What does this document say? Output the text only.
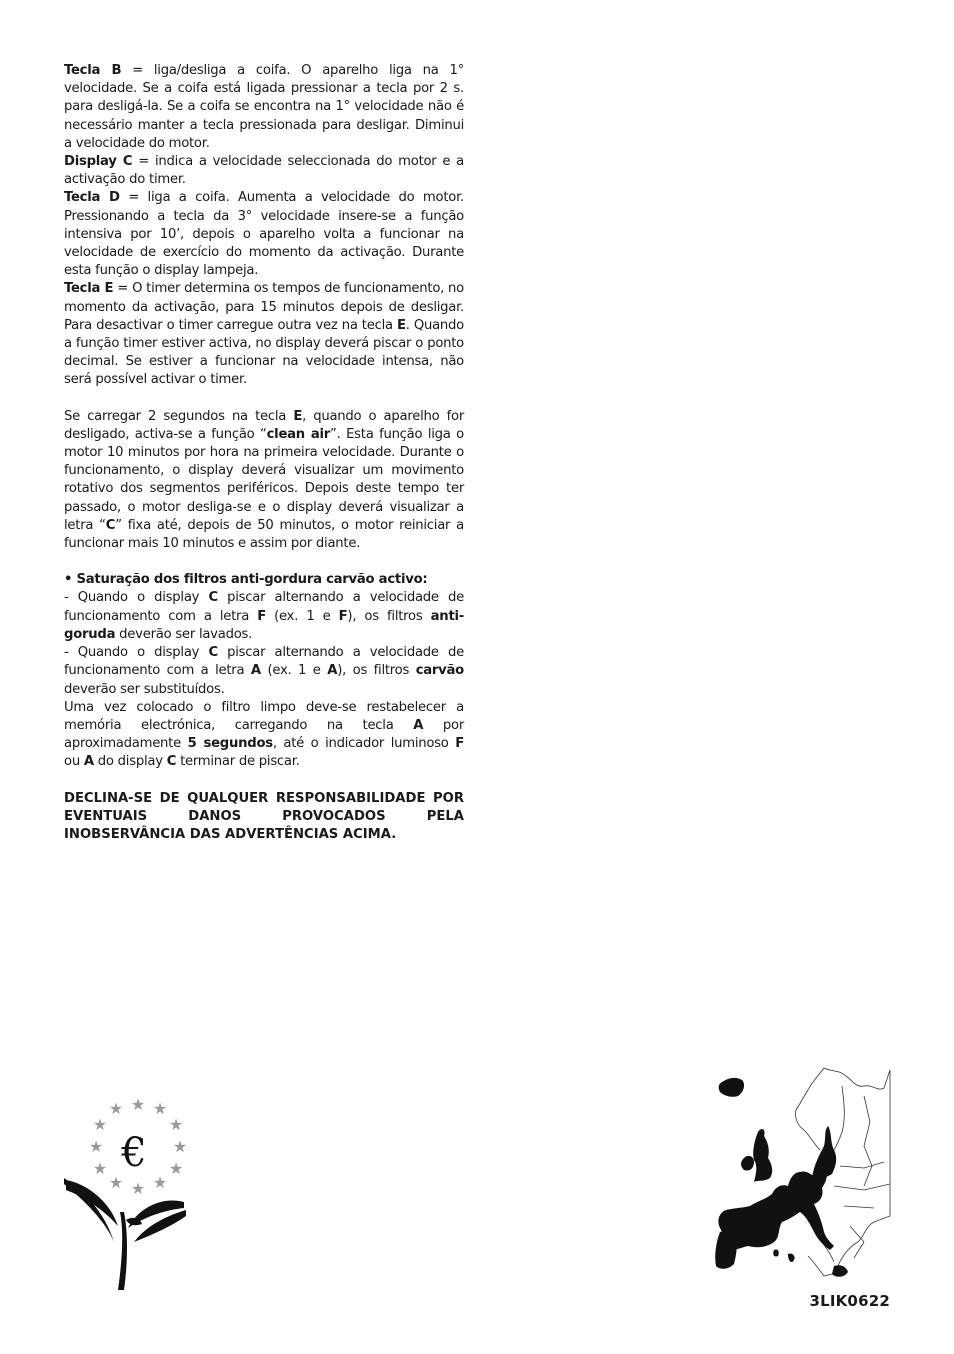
Tecla B = liga/desliga a coifa. O aparelho liga na 1° velocidade. Se a coifa está ligada pressionar a tecla por 2 s. para desligá-la. Se a coifa se encontra na 1° velocidade não é necessário manter a tecla pressionada para desligar. Diminui a velocidade do motor.

Display C = indica a velocidade seleccionada do motor e a activação do timer.

Tecla D = liga a coifa. Aumenta a velocidade do motor. Pressionando a tecla da 3° velocidade insere-se a função intensiva por 10’, depois o aparelho volta a funcionar na velocidade de exercício do momento da activação. Durante esta função o display lampeja.

Tecla E = O timer determina os tempos de funcionamento, no momento da activação, para 15 minutos depois de desligar. Para desactivar o timer carregue outra vez na tecla E. Quando a função timer estiver activa, no display deverá piscar o ponto decimal. Se estiver a funcionar na velocidade intensa, não será possível activar o timer.

Se carregar 2 segundos na tecla E, quando o aparelho for desligado, activa-se a função “clean air”. Esta função liga o motor 10 minutos por hora na primeira velocidade. Durante o funcionamento, o display deverá visualizar um movimento rotativo dos segmentos periféricos. Depois deste tempo ter passado, o motor desliga-se e o display deverá visualizar a letra “C” fixa até, depois de 50 minutos, o motor reiniciar a funcionar mais 10 minutos e assim por diante.

• Saturação dos filtros anti-gordura carvão activo:

- Quando o display C piscar alternando a velocidade de funcionamento com a letra F (ex. 1 e F), os filtros anti-goruda deverão ser lavados.

- Quando o display C piscar alternando a velocidade de funcionamento com a letra A (ex. 1 e A), os filtros carvão deverão ser substituídos.

Uma vez colocado o filtro limpo deve-se restabelecer a memória electrónica, carregando na tecla A por aproximadamente 5 segundos, até o indicador luminoso F ou A do display C terminar de piscar.

DECLINA-SE DE QUALQUER RESPONSABILIDADE POR EVENTUAIS DANOS PROVOCADOS PELA INOBSERVÂNCIA DAS ADVERTÊNCIAS ACIMA.

★
★ ★
★	★
★	★
★	★
★ ★
★
€
3LIK0622
